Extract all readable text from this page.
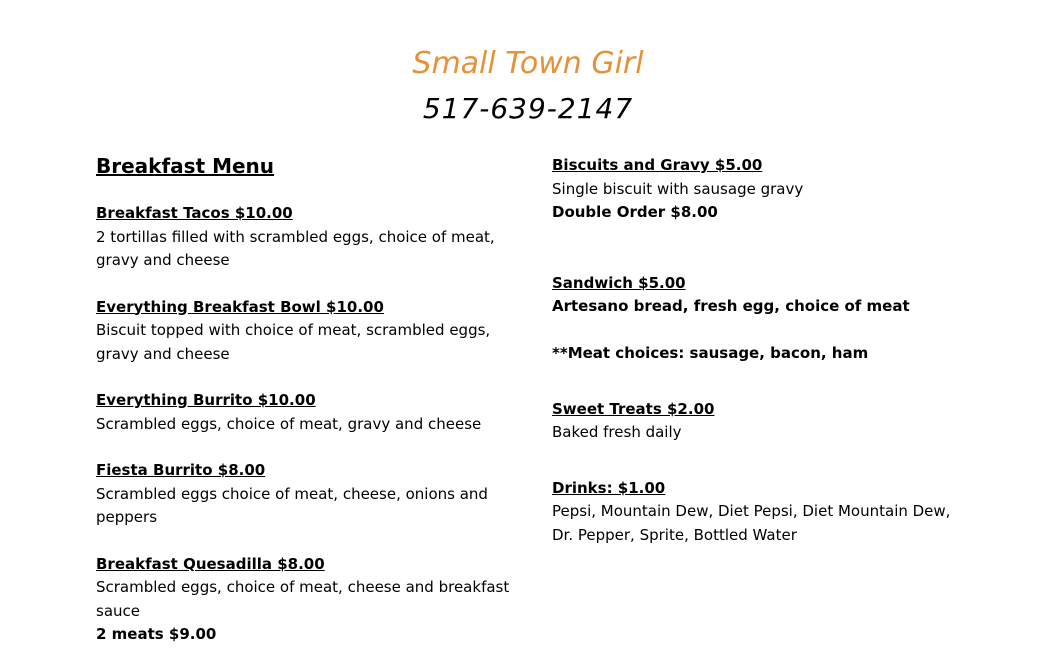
Small Town Girl
517-639-2147
Breakfast Menu
Breakfast Tacos $10.00
2 tortillas filled with scrambled eggs, choice of meat, gravy and cheese
Everything Breakfast Bowl $10.00
Biscuit topped with choice of meat, scrambled eggs, gravy and cheese
Everything Burrito $10.00
Scrambled eggs, choice of meat, gravy and cheese
Fiesta Burrito $8.00
Scrambled eggs choice of meat, cheese, onions and peppers
Breakfast Quesadilla $8.00
Scrambled eggs, choice of meat, cheese and breakfast sauce
2 meats $9.00
Biscuits and Gravy $5.00
Single biscuit with sausage gravy
Double Order $8.00
Sandwich $5.00
Artesano bread, fresh egg, choice of meat
**Meat choices: sausage, bacon, ham
Sweet Treats $2.00
Baked fresh daily
Drinks: $1.00
Pepsi, Mountain Dew, Diet Pepsi, Diet Mountain Dew, Dr. Pepper, Sprite, Bottled Water
